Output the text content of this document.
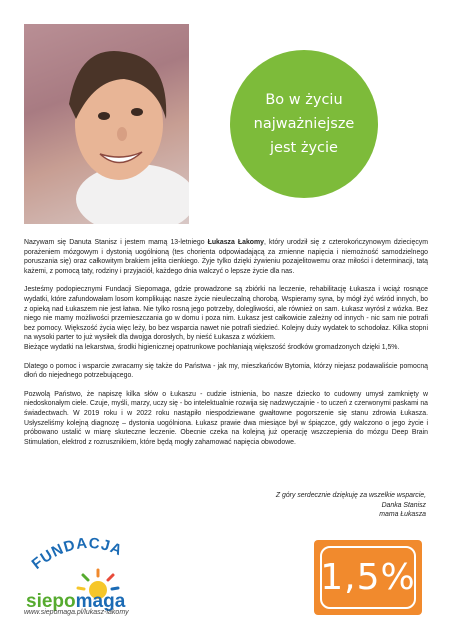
Bo w życiu
najważniejsze
jest życie

Nazywam się Danuta Stanisz i jestem mamą 13-letniego Łukasza Łakomy, który urodził się z czterokończynowym dziecięcym porażeniem mózgowym i dystonią uogólnioną (tes chorienta odpowiadającą za zmienne napięcia i niemożność samodzielnego poruszania się) oraz całkowitym brakiem jelita cienkiego. Żyje tylko dzięki żywieniu pozajelitowemu oraz miłości i determinacji, tatą każemi, z pomocą taty, rodziny i przyjaciół, każdego dnia walczyć o lepsze życie dla nas.

Jesteśmy podopiecznymi Fundacji Siepomaga, gdzie prowadzone są zbiórki na leczenie, rehabilitację Łukasza i wciąż rosnące wydatki, które zafundowałam losom komplikując nasze życie nieuleczalną chorobą. Wspieramy syna, by mógł żyć wśród innych, bo z opieką nad Łukaszem nie jest łatwa. Nie tylko rosną jego potrzeby, dolegliwości, ale również on sam. Łukasz wyrósł z wózka. Bez niego nie mamy możliwości przemieszczania go w domu i poza nim. Łukasz jest całkowicie zależny od innych - nic sam nie potrafi bez pomocy. Większość życia więc leży, bo bez wsparcia nawet nie potrafi siedzieć. Kolejny duży wydatek to schodołaz. Kilka stopni na wysoki parter to już wysiłek dla dwojga dorosłych, by nieść Łukasza z wózkiem.

Bieżące wydatki na lekarstwa, środki higienicznej opatrunkowe pochłaniają większość środków gromadzonych dzięki 1,5%.

Dlatego o pomoc i wsparcie zwracamy się także do Państwa - jak my, mieszkańców Bytomia, którzy niejasz podawaliście pomocną dłoń do niejednego potrzebującego.

Pozwolą Państwo, że napiszę kilka słów o Łukaszu - cudzie istnienia, bo nasze dziecko to cudowny umysł zamknięty w niedoskonałym ciele. Czuje, myśli, marzy, uczy się - bo intelektualnie rozwija się nadzwyczajnie - to uczeń z czerwonymi paskami na świadectwach. W 2019 roku i w 2022 roku nastąpiło niespodziewane gwałtowne pogorszenie się stanu zdrowia Łukasza. Usłyszeliśmy kolejną diagnozę – dystonia uogólniona. Łukasz prawie dwa miesiące był w śpiączce, gdy walczono o jego życie i próbowano ustalić w miarę skuteczne leczenie. Obecnie czeka na kolejną już operację wszczepienia do mózgu Deep Brain Stimulation, elektrod z rozrusznikiem, które będą mogły zahamować napięcia obwodowe.

Z góry serdecznie dziękuję za wszelkie wsparcie,
Danka Stanisz
mama Łukasza
FUNDACJA
siepomaga
www.siepomaga.pl/lukasz-lakomy
1,5%
